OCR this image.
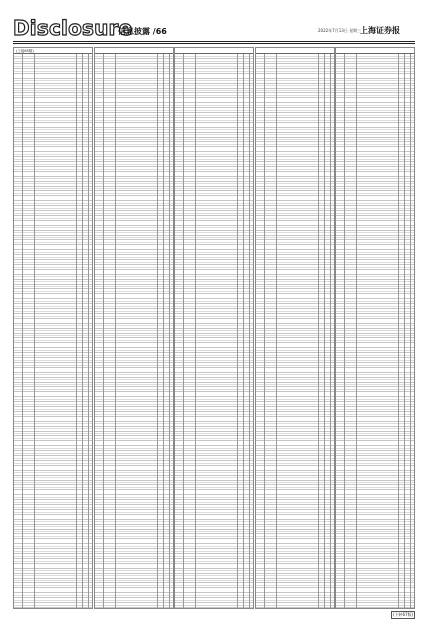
Disclosure
信息披露 /66	2022年7月13日 星期三
上海证券报
(上接65版)
(下转67版)
